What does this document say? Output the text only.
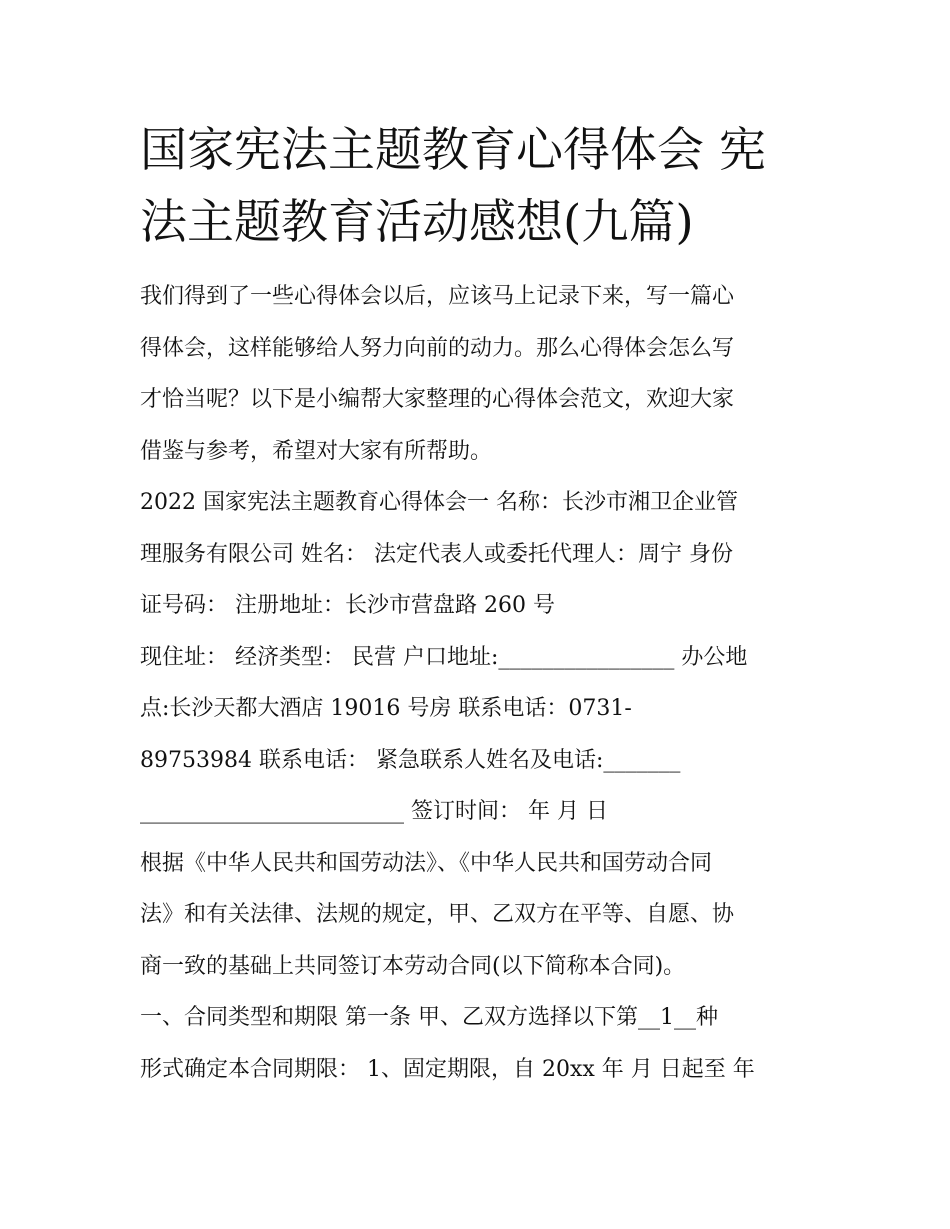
国家宪法主题教育心得体会 宪
法主题教育活动感想(九篇)

我们得到了一些心得体会以后，应该马上记录下来，写一篇心
得体会，这样能够给人努力向前的动力。那么心得体会怎么写
才恰当呢？以下是小编帮大家整理的心得体会范文，欢迎大家
借鉴与参考，希望对大家有所帮助。

2022 国家宪法主题教育心得体会一 名称：长沙市湘卫企业管
理服务有限公司 姓名： 法定代表人或委托代理人：周宁 身份
证号码： 注册地址：长沙市营盘路 260 号

现住址： 经济类型： 民营 户口地址:________________ 办公地
点:长沙天都大酒店 19016 号房 联系电话：0731-
89753984 联系电话： 紧急联系人姓名及电话:_______
________________________ 签订时间： 年 月 日

根据《中华人民共和国劳动法》、《中华人民共和国劳动合同
法》和有关法律、法规的规定，甲、乙双方在平等、自愿、协
商一致的基础上共同签订本劳动合同(以下简称本合同)。

一、合同类型和期限 第一条 甲、乙双方选择以下第__1__种
形式确定本合同期限： 1、固定期限，自 20xx 年 月 日起至 年
